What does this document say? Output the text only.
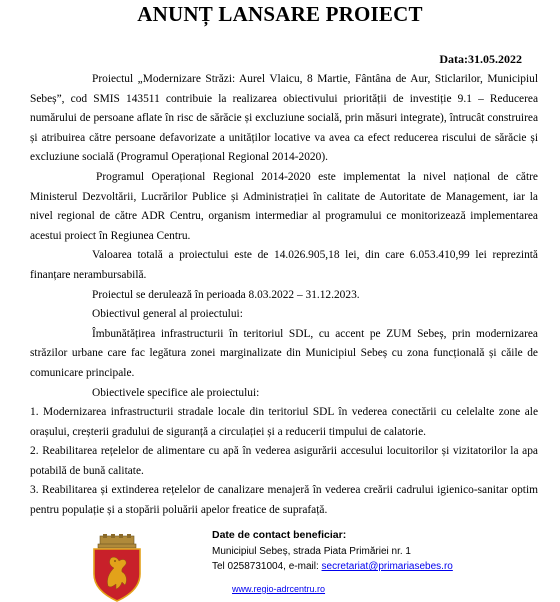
ANUNȚ LANSARE PROIECT
Data:31.05.2022

Proiectul „Modernizare Străzi: Aurel Vlaicu, 8 Martie, Fântâna de Aur, Sticlarilor, Municipiul Sebeș”, cod SMIS 143511 contribuie la realizarea obiectivului priorității de investiție 9.1 – Reducerea numărului de persoane aflate în risc de sărăcie și excluziune socială, prin măsuri integrate), întrucât construirea și atribuirea către persoane defavorizate a unităților locative va avea ca efect reducerea riscului de sărăcie și excluziune socială (Programul Operațional Regional 2014-2020).

Programul Operațional Regional 2014-2020 este implementat la nivel național de către Ministerul Dezvoltării, Lucrărilor Publice și Administrației în calitate de Autoritate de Management, iar la nivel regional de către ADR Centru, organism intermediar al programului ce monitorizează implementarea acestui proiect în Regiunea Centru.

Valoarea totală a proiectului este de 14.026.905,18 lei, din care 6.053.410,99 lei reprezintă finanțare nerambursabilă.

Proiectul se derulează în perioada 8.03.2022 – 31.12.2023.

Obiectivul general al proiectului:

Îmbunătățirea infrastructurii în teritoriul SDL, cu accent pe ZUM Sebeș, prin modernizarea străzilor urbane care fac legătura zonei marginalizate din Municipiul Sebeș cu zona funcțională și căile de comunicare principale.

Obiectivele specifice ale proiectului:

1. Modernizarea infrastructurii stradale locale din teritoriul SDL în vederea conectării cu celelalte zone ale orașului, creșterii gradului de siguranță a circulației și a reducerii timpului de calatorie.

2. Reabilitarea rețelelor de alimentare cu apă în vederea asigurării accesului locuitorilor și vizitatorilor la apa potabilă de bună calitate.

3. Reabilitarea și extinderea rețelelor de canalizare menajeră în vederea creării cadrului igienico-sanitar optim pentru populație și a stopării poluării apelor freatice de suprafață.

Date de contact beneficiar:
Municipiul Sebeș, strada Piata Primăriei nr. 1
Tel 0258731004, e-mail: secretariat@primariasebes.ro
www.regio-adrcentru.ro
